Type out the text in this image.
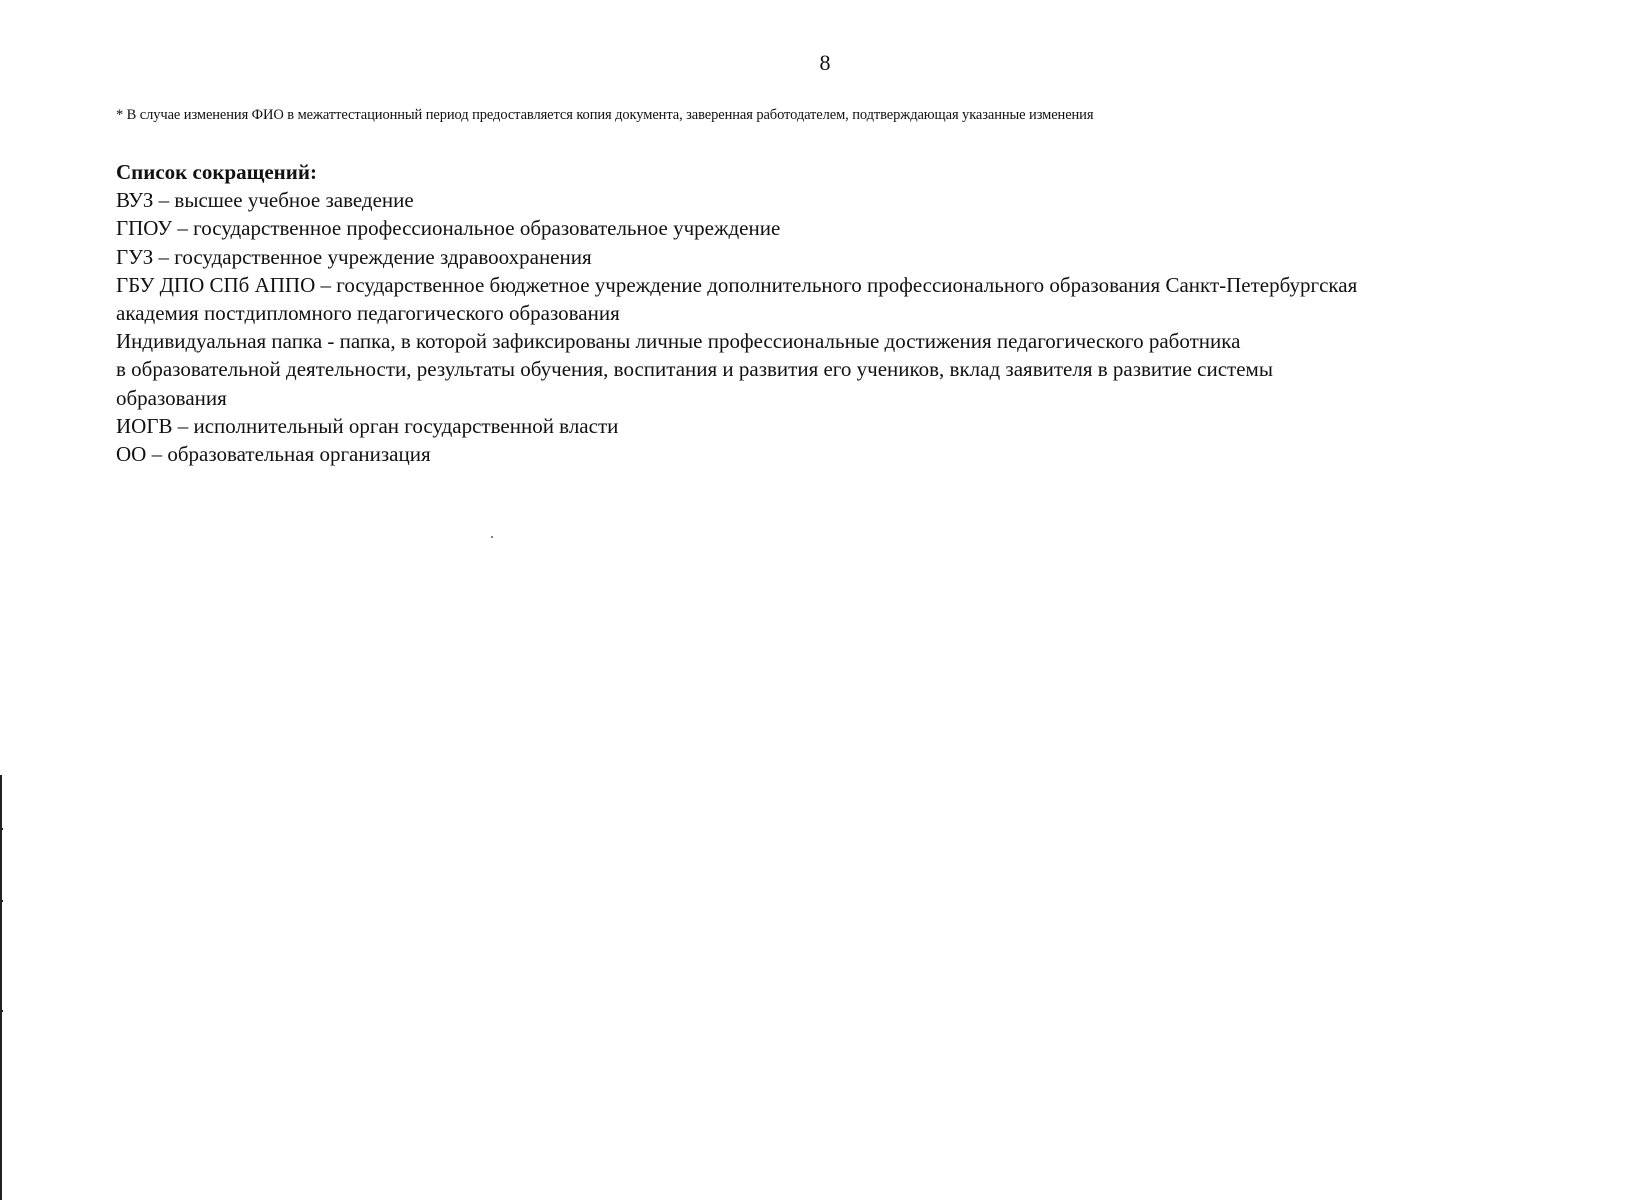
8
* В случае изменения ФИО в межаттестационный период предоставляется копия документа, заверенная работодателем, подтверждающая указанные изменения
Список сокращений:
ВУЗ – высшее учебное заведение
ГПОУ – государственное профессиональное образовательное учреждение
ГУЗ – государственное учреждение здравоохранения
ГБУ ДПО СПб АППО – государственное бюджетное учреждение дополнительного профессионального образования Санкт-Петербургская
академия постдипломного педагогического образования
Индивидуальная папка - папка, в которой зафиксированы личные профессиональные достижения педагогического работника
в образовательной деятельности, результаты обучения, воспитания и развития его учеников, вклад заявителя в развитие системы
образования
ИОГВ – исполнительный орган государственной власти
ОО – образовательная организация
